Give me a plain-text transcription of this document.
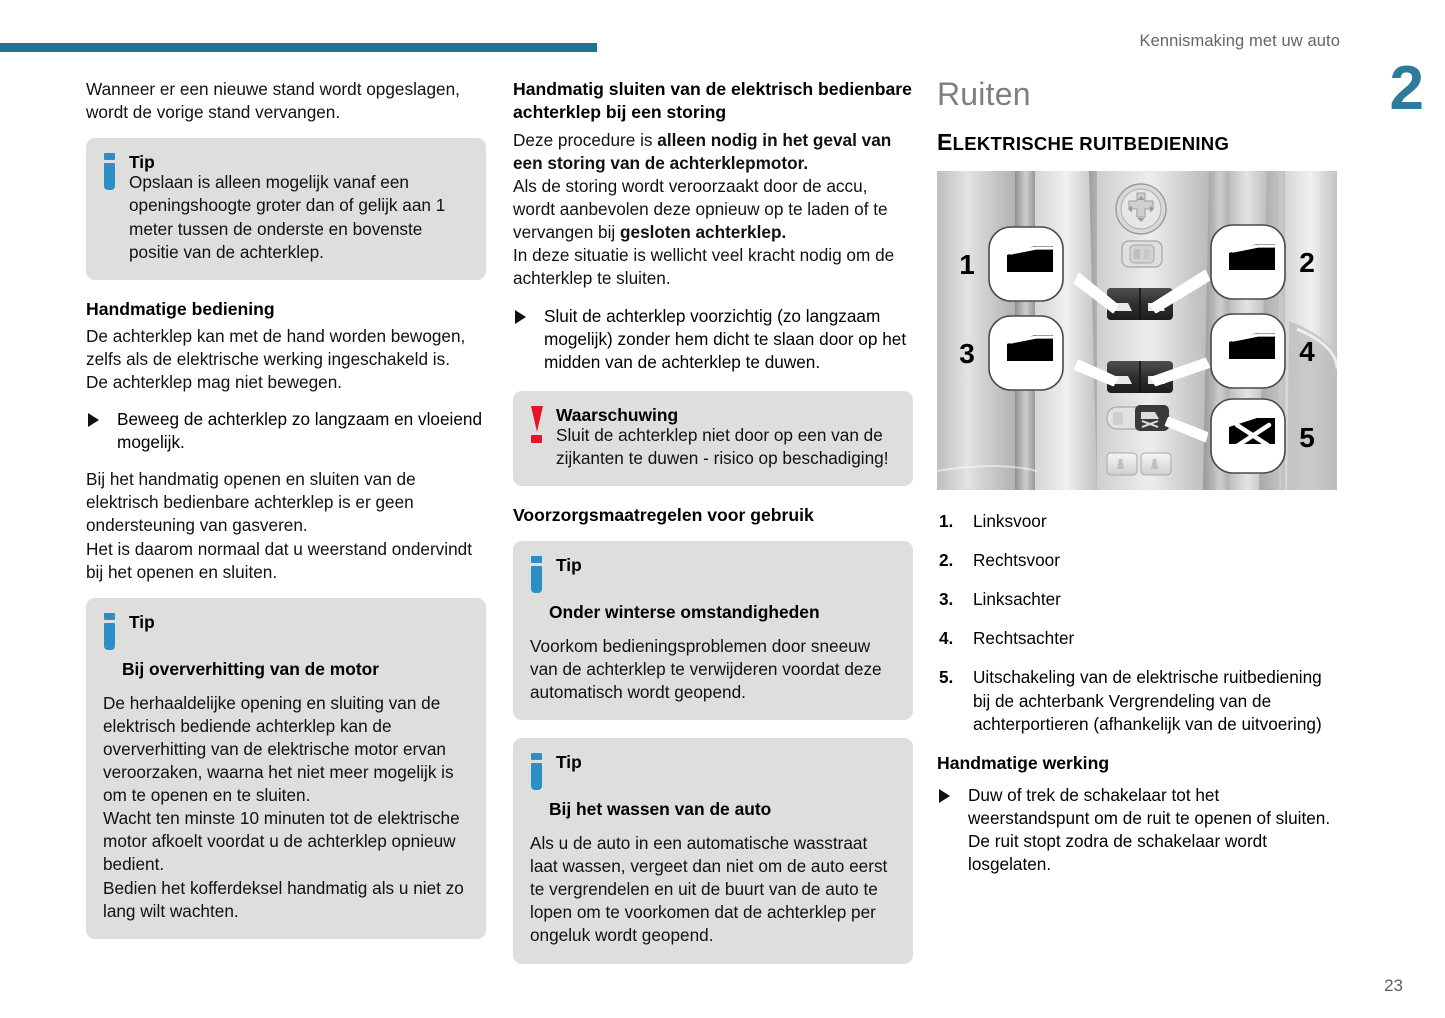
Kennismaking met uw auto
2
23

Wanneer er een nieuwe stand wordt opgeslagen, wordt de vorige stand vervangen.

Tip

Opslaan is alleen mogelijk vanaf een openingshoogte groter dan of gelijk aan 1 meter tussen de onderste en bovenste positie van de achterklep.

Handmatige bediening

De achterklep kan met de hand worden bewogen, zelfs als de elektrische werking ingeschakeld is.

De achterklep mag niet bewegen.

Beweeg de achterklep zo langzaam en vloeiend mogelijk.

Bij het handmatig openen en sluiten van de elektrisch bedienbare achterklep is er geen ondersteuning van gasveren.

Het is daarom normaal dat u weerstand ondervindt bij het openen en sluiten.

Tip
Bij oververhitting van de motor

De herhaaldelijke opening en sluiting van de elektrisch bediende achterklep kan de oververhitting van de elektrische motor ervan veroorzaken, waarna het niet meer mogelijk is om te openen en te sluiten.

Wacht ten minste 10 minuten tot de elektrische motor afkoelt voordat u de achterklep opnieuw bedient.

Bedien het kofferdeksel handmatig als u niet zo lang wilt wachten.

Handmatig sluiten van de elektrisch bedienbare achterklep bij een storing

Deze procedure is alleen nodig in het geval van een storing van de achterklepmotor.

Als de storing wordt veroorzaakt door de accu, wordt aanbevolen deze opnieuw op te laden of te vervangen bij gesloten achterklep.

In deze situatie is wellicht veel kracht nodig om de achterklep te sluiten.

Sluit de achterklep voorzichtig (zo langzaam mogelijk) zonder hem dicht te slaan door op het midden van de achterklep te duwen.
Waarschuwing

Sluit de achterklep niet door op een van de zijkanten te duwen - risico op beschadiging!

Voorzorgsmaatregelen voor gebruik
Tip
Onder winterse omstandigheden

Voorkom bedieningsproblemen door sneeuw van de achterklep te verwijderen voordat deze automatisch wordt geopend.

Tip
Bij het wassen van de auto

Als u de auto in een automatische wasstraat laat wassen, vergeet dan niet om de auto eerst te vergrendelen en uit de buurt van de auto te lopen om te voorkomen dat de achterklep per ongeluk wordt geopend.

Ruiten
ELEKTRISCHE RUITBEDIENING
1
3
2
4
5
1. Linksvoor
2. Rechtsvoor
3. Linksachter
4. Rechtsachter
5. Uitschakeling van de elektrische ruitbediening bij de achterbank Vergrendeling van de achterportieren (afhankelijk van de uitvoering)
Handmatige werking
Duw of trek de schakelaar tot het weerstandspunt om de ruit te openen of sluiten. De ruit stopt zodra de schakelaar wordt losgelaten.
